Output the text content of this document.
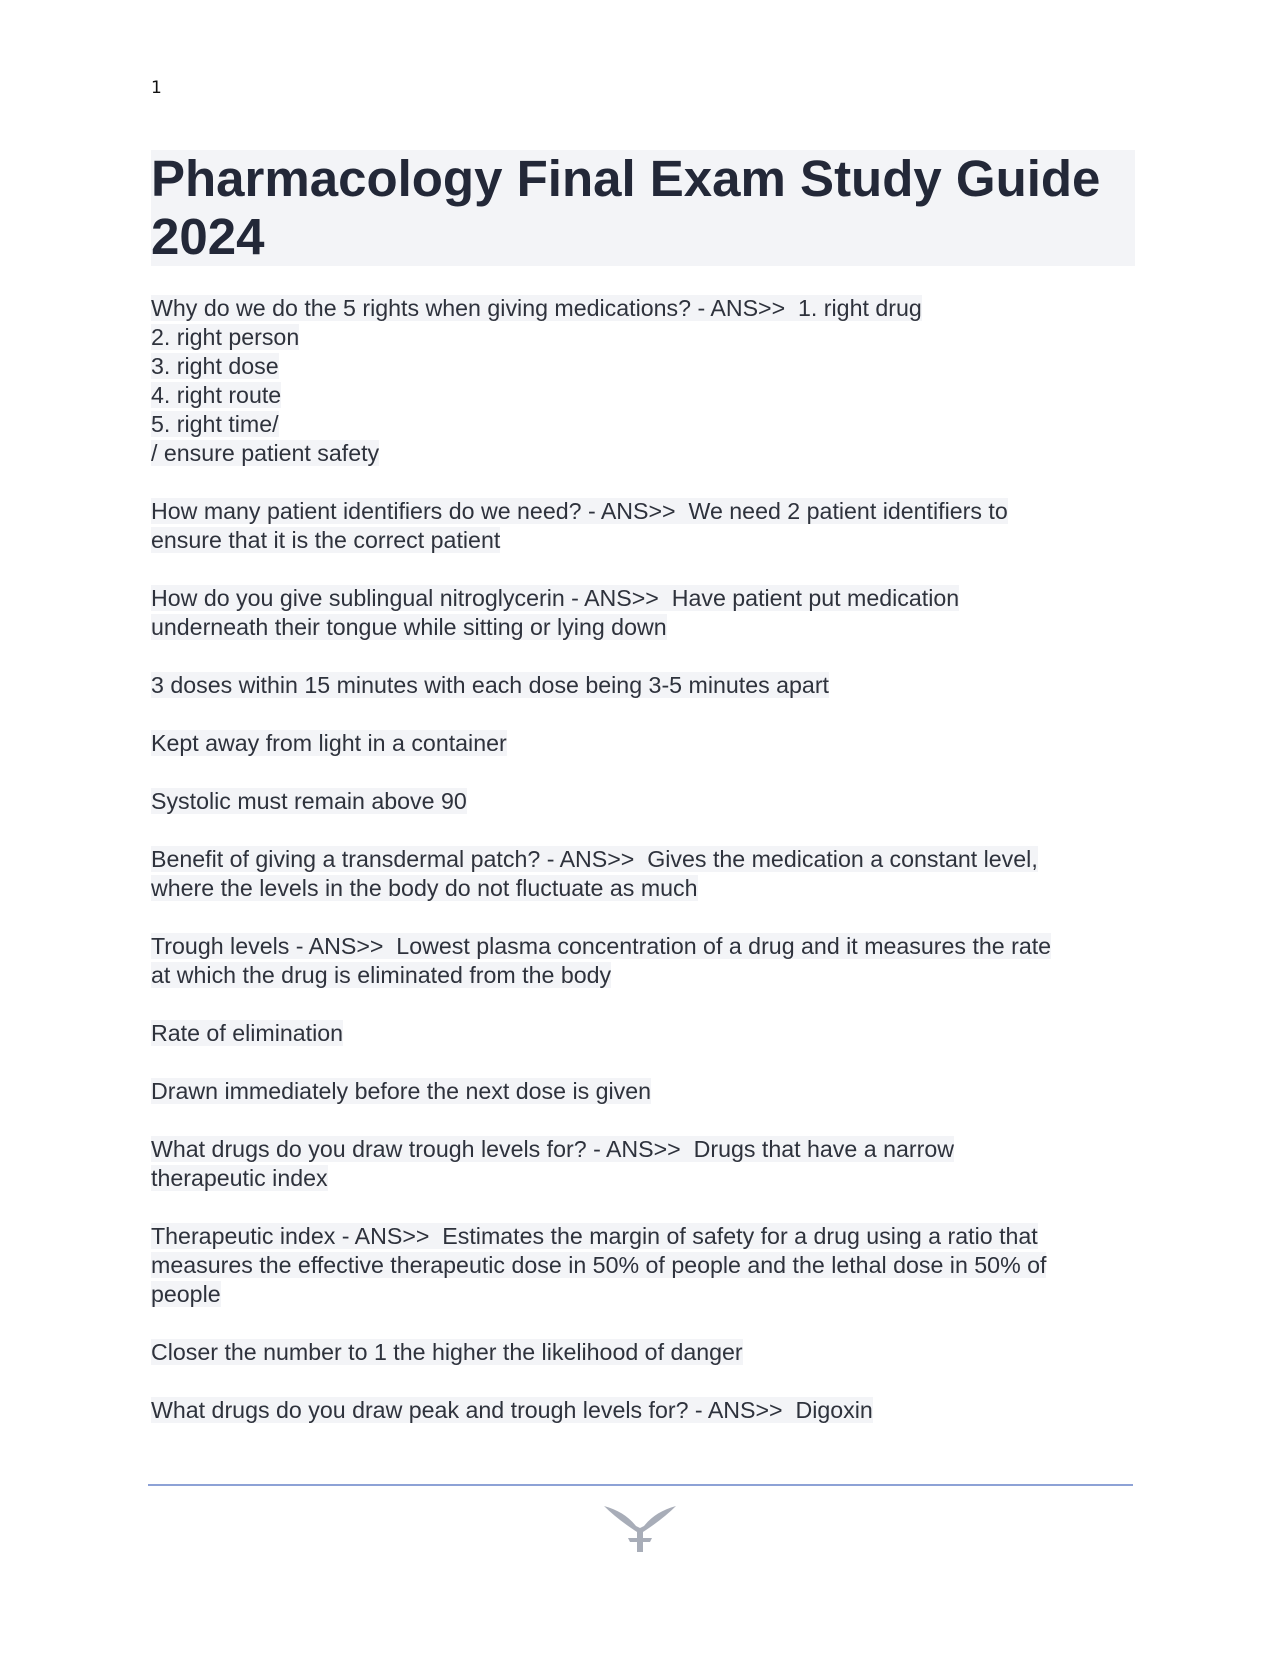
1
Pharmacology Final Exam Study Guide 2024
Why do we do the 5 rights when giving medications? - ANS>>  1. right drug
2. right person
3. right dose
4. right route
5. right time/
/ ensure patient safety
How many patient identifiers do we need? - ANS>>  We need 2 patient identifiers to
ensure that it is the correct patient
How do you give sublingual nitroglycerin - ANS>>  Have patient put medication
underneath their tongue while sitting or lying down
3 doses within 15 minutes with each dose being 3-5 minutes apart
Kept away from light in a container
Systolic must remain above 90
Benefit of giving a transdermal patch? - ANS>>  Gives the medication a constant level,
where the levels in the body do not fluctuate as much
Trough levels - ANS>>  Lowest plasma concentration of a drug and it measures the rate
at which the drug is eliminated from the body
Rate of elimination
Drawn immediately before the next dose is given
What drugs do you draw trough levels for? - ANS>>  Drugs that have a narrow
therapeutic index
Therapeutic index - ANS>>  Estimates the margin of safety for a drug using a ratio that
measures the effective therapeutic dose in 50% of people and the lethal dose in 50% of
people
Closer the number to 1 the higher the likelihood of danger
What drugs do you draw peak and trough levels for? - ANS>>  Digoxin
